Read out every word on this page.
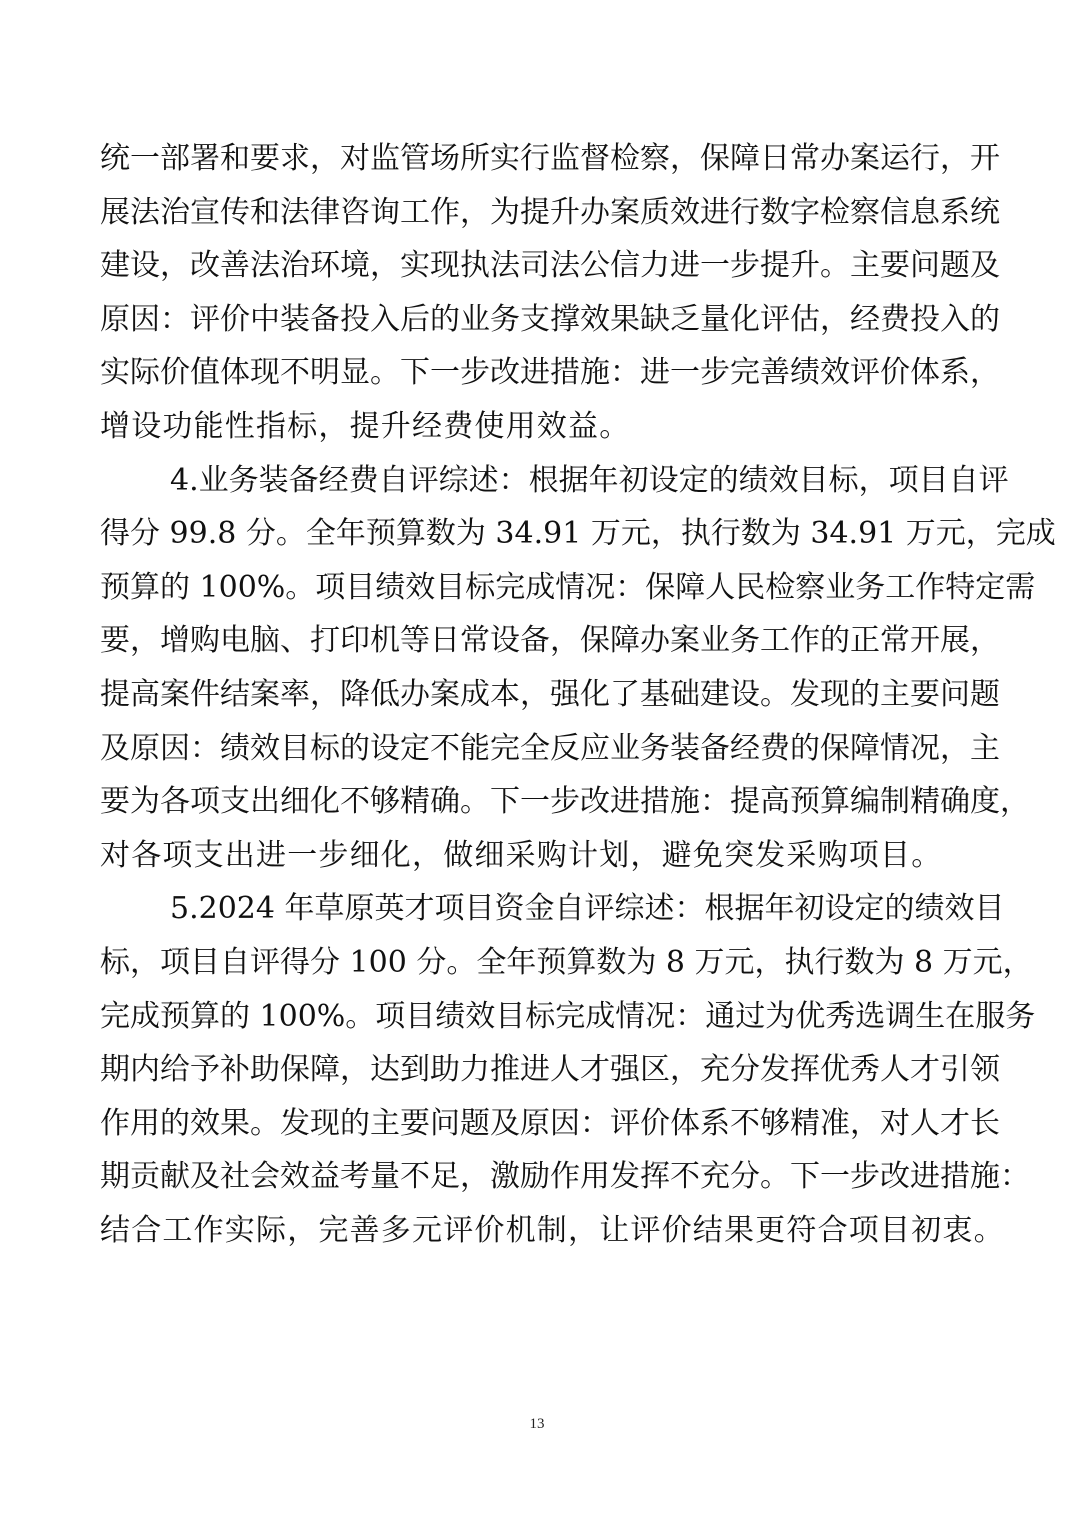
统一部署和要求，对监管场所实行监督检察，保障日常办案运行，开
展法治宣传和法律咨询工作，为提升办案质效进行数字检察信息系统
建设，改善法治环境，实现执法司法公信力进一步提升。主要问题及
原因：评价中装备投入后的业务支撑效果缺乏量化评估，经费投入的
实际价值体现不明显。下一步改进措施：进一步完善绩效评价体系，
增设功能性指标，提升经费使用效益。
4.业务装备经费自评综述：根据年初设定的绩效目标，项目自评
得分 99.8 分。全年预算数为 34.91 万元，执行数为 34.91 万元，完成
预算的 100%。项目绩效目标完成情况：保障人民检察业务工作特定需
要，增购电脑、打印机等日常设备，保障办案业务工作的正常开展，
提高案件结案率，降低办案成本，强化了基础建设。发现的主要问题
及原因：绩效目标的设定不能完全反应业务装备经费的保障情况，主
要为各项支出细化不够精确。下一步改进措施：提高预算编制精确度，
对各项支出进一步细化，做细采购计划，避免突发采购项目。
5.2024 年草原英才项目资金自评综述：根据年初设定的绩效目
标，项目自评得分 100 分。全年预算数为 8 万元，执行数为 8 万元，
完成预算的 100%。项目绩效目标完成情况：通过为优秀选调生在服务
期内给予补助保障，达到助力推进人才强区，充分发挥优秀人才引领
作用的效果。发现的主要问题及原因：评价体系不够精准，对人才长
期贡献及社会效益考量不足，激励作用发挥不充分。下一步改进措施：
结合工作实际，完善多元评价机制，让评价结果更符合项目初衷。
13
